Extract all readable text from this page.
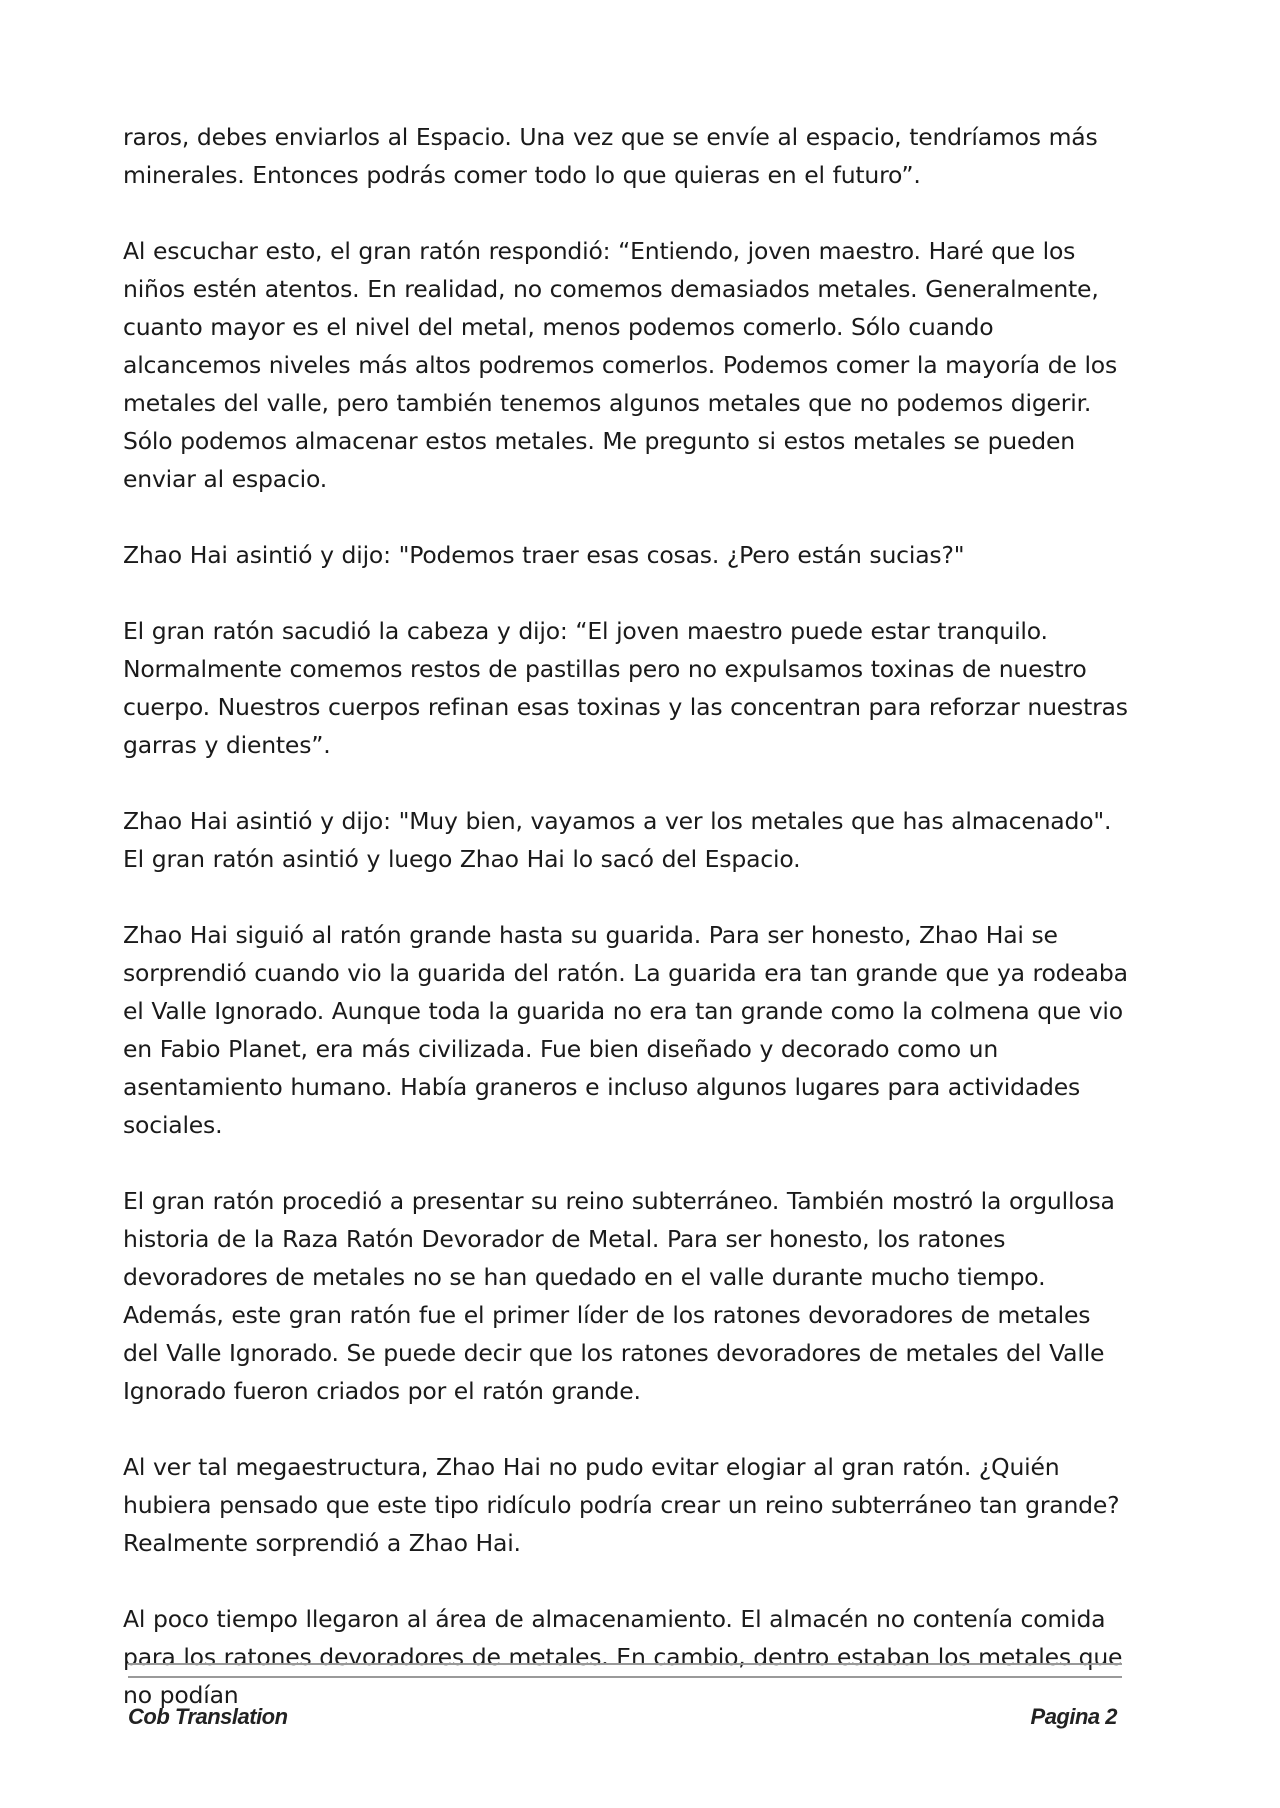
raros, debes enviarlos al Espacio. Una vez que se envíe al espacio, tendríamos más minerales. Entonces podrás comer todo lo que quieras en el futuro”.

Al escuchar esto, el gran ratón respondió: “Entiendo, joven maestro. Haré que los niños estén atentos. En realidad, no comemos demasiados metales. Generalmente, cuanto mayor es el nivel del metal, menos podemos comerlo. Sólo cuando alcancemos niveles más altos podremos comerlos. Podemos comer la mayoría de los metales del valle, pero también tenemos algunos metales que no podemos digerir. Sólo podemos almacenar estos metales. Me pregunto si estos metales se pueden enviar al espacio.

Zhao Hai asintió y dijo: "Podemos traer esas cosas. ¿Pero están sucias?"

El gran ratón sacudió la cabeza y dijo: “El joven maestro puede estar tranquilo. Normalmente comemos restos de pastillas pero no expulsamos toxinas de nuestro cuerpo. Nuestros cuerpos refinan esas toxinas y las concentran para reforzar nuestras garras y dientes”.

Zhao Hai asintió y dijo: "Muy bien, vayamos a ver los metales que has almacenado". El gran ratón asintió y luego Zhao Hai lo sacó del Espacio.

Zhao Hai siguió al ratón grande hasta su guarida. Para ser honesto, Zhao Hai se sorprendió cuando vio la guarida del ratón. La guarida era tan grande que ya rodeaba el Valle Ignorado. Aunque toda la guarida no era tan grande como la colmena que vio en Fabio Planet, era más civilizada. Fue bien diseñado y decorado como un asentamiento humano. Había graneros e incluso algunos lugares para actividades sociales.

El gran ratón procedió a presentar su reino subterráneo. También mostró la orgullosa historia de la Raza Ratón Devorador de Metal. Para ser honesto, los ratones devoradores de metales no se han quedado en el valle durante mucho tiempo. Además, este gran ratón fue el primer líder de los ratones devoradores de metales del Valle Ignorado. Se puede decir que los ratones devoradores de metales del Valle Ignorado fueron criados por el ratón grande.

Al ver tal megaestructura, Zhao Hai no pudo evitar elogiar al gran ratón. ¿Quién hubiera pensado que este tipo ridículo podría crear un reino subterráneo tan grande? Realmente sorprendió a Zhao Hai.

Al poco tiempo llegaron al área de almacenamiento. El almacén no contenía comida para los ratones devoradores de metales. En cambio, dentro estaban los metales que no podían

Cob Translation	Pagina 2
